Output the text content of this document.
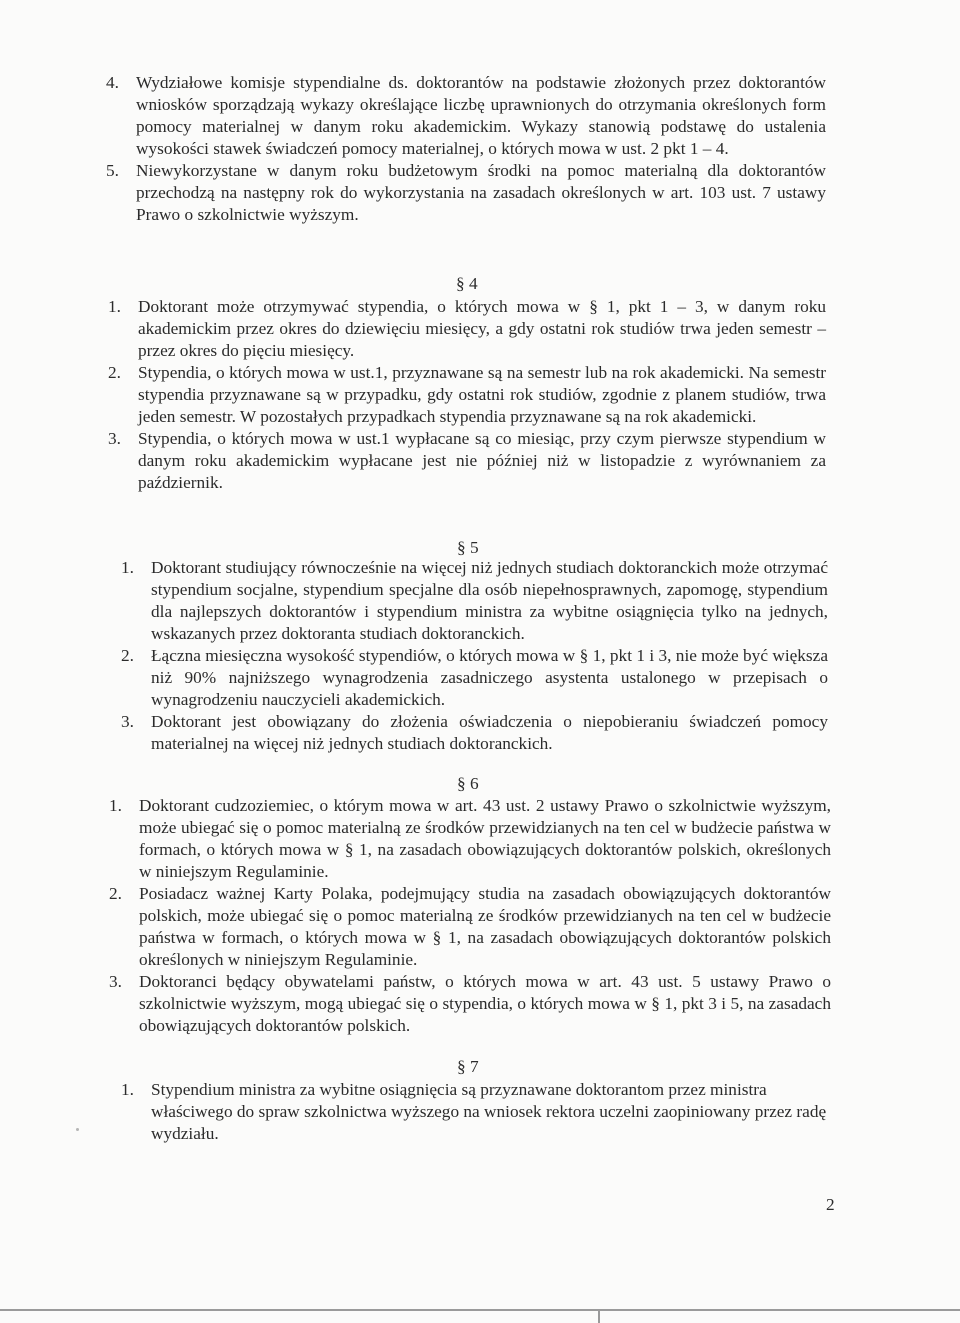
4. Wydziałowe komisje stypendialne ds. doktorantów na podstawie złożonych przez doktorantów wniosków sporządzają wykazy określające liczbę uprawnionych do otrzymania określonych form pomocy materialnej w danym roku akademickim. Wykazy stanowią podstawę do ustalenia wysokości stawek świadczeń pomocy materialnej, o których mowa w ust. 2 pkt 1 – 4.

5. Niewykorzystane w danym roku budżetowym środki na pomoc materialną dla doktorantów przechodzą na następny rok do wykorzystania na zasadach określonych w art. 103 ust. 7 ustawy Prawo o szkolnictwie wyższym.

§ 4
1. Doktorant może otrzymywać stypendia, o których mowa w § 1, pkt 1 – 3, w danym roku akademickim przez okres do dziewięciu miesięcy, a gdy ostatni rok studiów trwa jeden semestr – przez okres do pięciu miesięcy.

2. Stypendia, o których mowa w ust.1, przyznawane są na semestr lub na rok akademicki. Na semestr stypendia przyznawane są w przypadku, gdy ostatni rok studiów, zgodnie z planem studiów, trwa jeden semestr. W pozostałych przypadkach stypendia przyznawane są na rok akademicki.

3. Stypendia, o których mowa w ust.1 wypłacane są co miesiąc, przy czym pierwsze stypendium w danym roku akademickim wypłacane jest nie później niż w listopadzie z wyrównaniem za październik.

§ 5
1. Doktorant studiujący równocześnie na więcej niż jednych studiach doktoranckich może otrzymać stypendium socjalne, stypendium specjalne dla osób niepełnosprawnych, zapomogę, stypendium dla najlepszych doktorantów i stypendium ministra za wybitne osiągnięcia tylko na jednych, wskazanych przez doktoranta studiach doktoranckich.

2. Łączna miesięczna wysokość stypendiów, o których mowa w § 1, pkt 1 i 3, nie może być większa niż 90% najniższego wynagrodzenia zasadniczego asystenta ustalonego w przepisach o wynagrodzeniu nauczycieli akademickich.

3. Doktorant jest obowiązany do złożenia oświadczenia o niepobieraniu świadczeń pomocy materialnej na więcej niż jednych studiach doktoranckich.

§ 6
1. Doktorant cudzoziemiec, o którym mowa w art. 43 ust. 2 ustawy Prawo o szkolnictwie wyższym, może ubiegać się o pomoc materialną ze środków przewidzianych na ten cel w budżecie państwa w formach, o których mowa w § 1, na zasadach obowiązujących doktorantów polskich, określonych w niniejszym Regulaminie.

2. Posiadacz ważnej Karty Polaka, podejmujący studia na zasadach obowiązujących doktorantów polskich, może ubiegać się o pomoc materialną ze środków przewidzianych na ten cel w budżecie państwa w formach, o których mowa w § 1, na zasadach obowiązujących doktorantów polskich określonych w niniejszym Regulaminie.

3. Doktoranci będący obywatelami państw, o których mowa w art. 43 ust. 5 ustawy Prawo o szkolnictwie wyższym, mogą ubiegać się o stypendia, o których mowa w § 1, pkt 3 i 5, na zasadach obowiązujących doktorantów polskich.

§ 7
1. Stypendium ministra za wybitne osiągnięcia są przyznawane doktorantom przez ministra właściwego do spraw szkolnictwa wyższego na wniosek rektora uczelni zaopiniowany przez radę wydziału.

2
